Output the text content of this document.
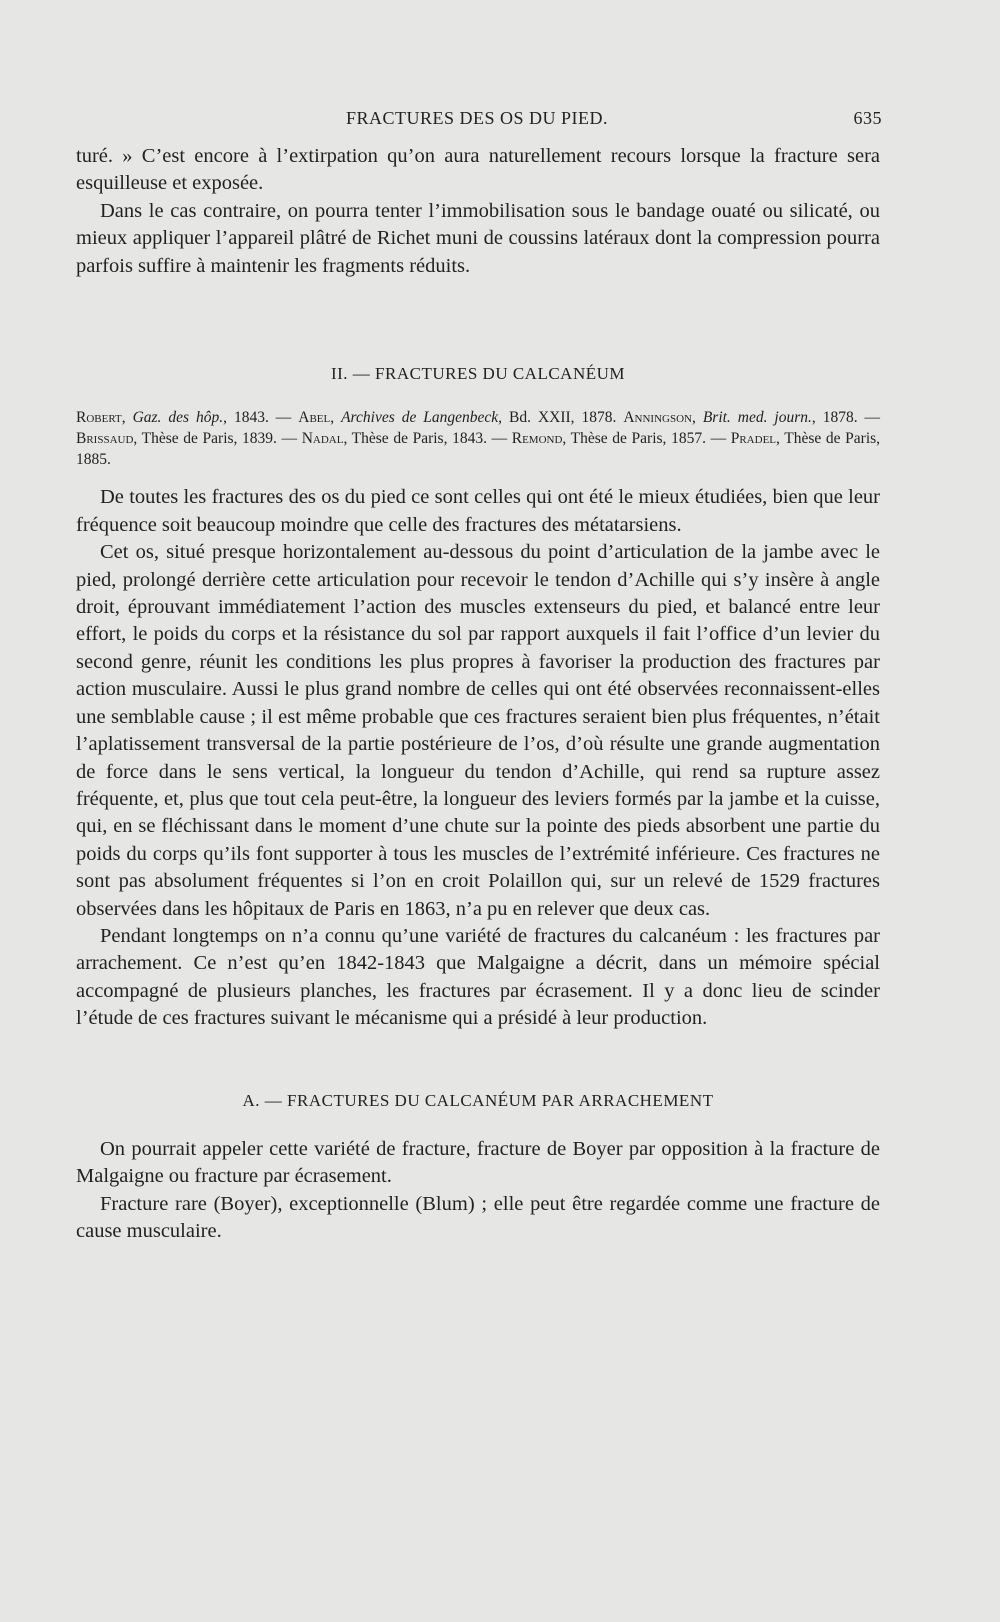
FRACTURES DES OS DU PIED.	635

turé. » C’est encore à l’extirpation qu’on aura naturellement recours lorsque la fracture sera esquilleuse et exposée.

Dans le cas contraire, on pourra tenter l’immobilisation sous le bandage ouaté ou silicaté, ou mieux appliquer l’appareil plâtré de Richet muni de coussins latéraux dont la compression pourra parfois suffire à maintenir les fragments réduits.

II. — FRACTURES DU CALCANÉUM
Robert, Gaz. des hôp., 1843. — Abel, Archives de Langenbeck, Bd. XXII, 1878. Anningson, Brit. med. journ., 1878. — Brissaud, Thèse de Paris, 1839. — Nadal, Thèse de Paris, 1843. — Remond, Thèse de Paris, 1857. — Pradel, Thèse de Paris, 1885.

De toutes les fractures des os du pied ce sont celles qui ont été le mieux étudiées, bien que leur fréquence soit beaucoup moindre que celle des fractures des métatarsiens.

Cet os, situé presque horizontalement au-dessous du point d’articulation de la jambe avec le pied, prolongé derrière cette articulation pour recevoir le tendon d’Achille qui s’y insère à angle droit, éprouvant immédiatement l’action des muscles extenseurs du pied, et balancé entre leur effort, le poids du corps et la résistance du sol par rapport auxquels il fait l’office d’un levier du second genre, réunit les conditions les plus propres à favoriser la production des fractures par action musculaire. Aussi le plus grand nombre de celles qui ont été observées reconnaissent-elles une semblable cause ; il est même probable que ces fractures seraient bien plus fréquentes, n’était l’aplatissement transversal de la partie postérieure de l’os, d’où résulte une grande augmentation de force dans le sens vertical, la longueur du tendon d’Achille, qui rend sa rupture assez fréquente, et, plus que tout cela peut-être, la longueur des leviers formés par la jambe et la cuisse, qui, en se fléchissant dans le moment d’une chute sur la pointe des pieds absorbent une partie du poids du corps qu’ils font supporter à tous les muscles de l’extrémité inférieure. Ces fractures ne sont pas absolument fréquentes si l’on en croit Polaillon qui, sur un relevé de 1529 fractures observées dans les hôpitaux de Paris en 1863, n’a pu en relever que deux cas.

Pendant longtemps on n’a connu qu’une variété de fractures du calcanéum : les fractures par arrachement. Ce n’est qu’en 1842-1843 que Malgaigne a décrit, dans un mémoire spécial accompagné de plusieurs planches, les fractures par écrasement. Il y a donc lieu de scinder l’étude de ces fractures suivant le mécanisme qui a présidé à leur production.

A. — FRACTURES DU CALCANÉUM PAR ARRACHEMENT

On pourrait appeler cette variété de fracture, fracture de Boyer par opposition à la fracture de Malgaigne ou fracture par écrasement.

Fracture rare (Boyer), exceptionnelle (Blum) ; elle peut être regardée comme une fracture de cause musculaire.
